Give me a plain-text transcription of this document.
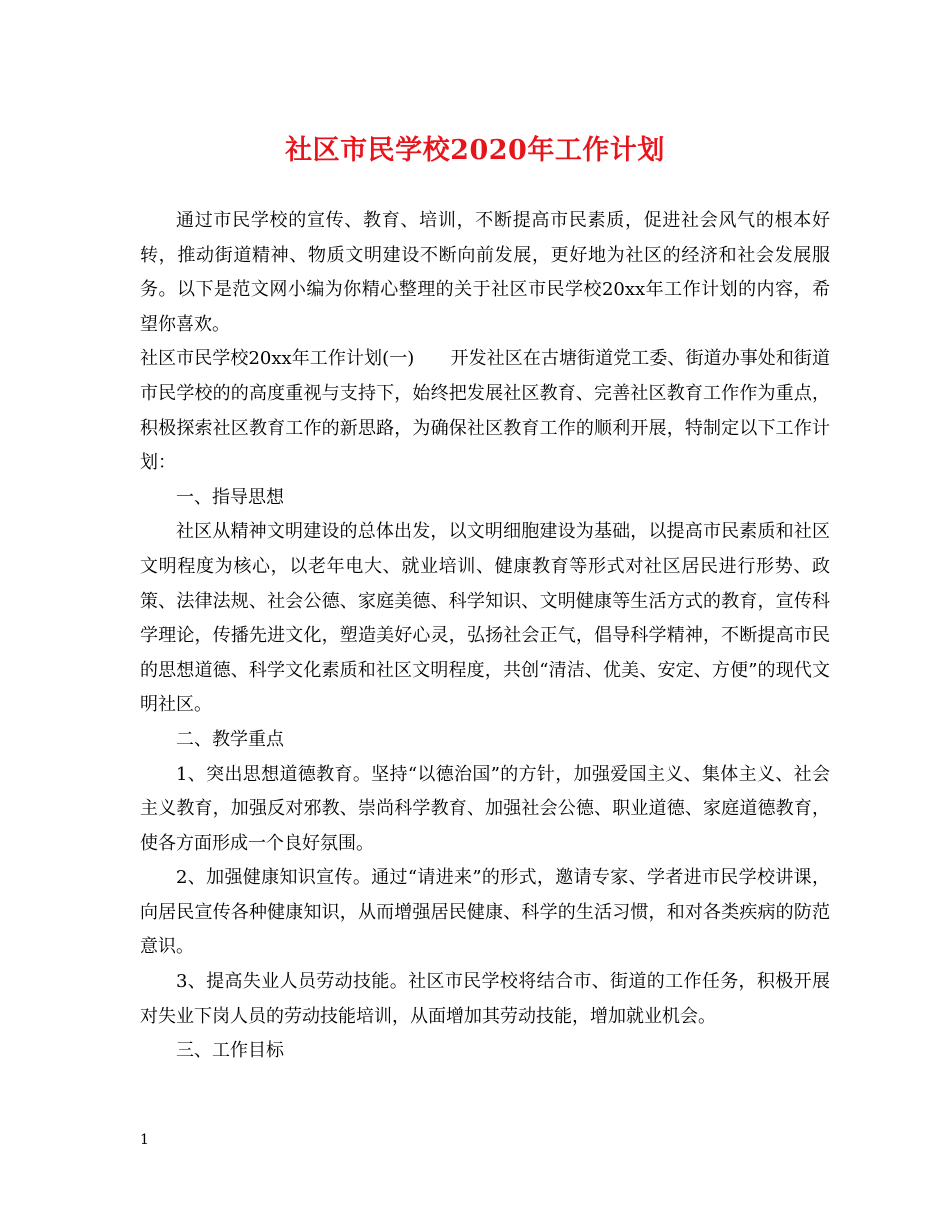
社区市民学校2020年工作计划

通过市民学校的宣传、教育、培训，不断提高市民素质，促进社会风气的根本好转，推动街道精神、物质文明建设不断向前发展，更好地为社区的经济和社会发展服务。以下是范文网小编为你精心整理的关于社区市民学校20xx年工作计划的内容，希望你喜欢。

社区市民学校20xx年工作计划(一)　　开发社区在古塘街道党工委、街道办事处和街道市民学校的的高度重视与支持下，始终把发展社区教育、完善社区教育工作作为重点，积极探索社区教育工作的新思路，为确保社区教育工作的顺利开展，特制定以下工作计划：

一、指导思想

社区从精神文明建设的总体出发，以文明细胞建设为基础，以提高市民素质和社区文明程度为核心，以老年电大、就业培训、健康教育等形式对社区居民进行形势、政策、法律法规、社会公德、家庭美德、科学知识、文明健康等生活方式的教育，宣传科学理论，传播先进文化，塑造美好心灵，弘扬社会正气，倡导科学精神，不断提高市民的思想道德、科学文化素质和社区文明程度，共创“清洁、优美、安定、方便”的现代文明社区。

二、教学重点

1、突出思想道德教育。坚持“以德治国”的方针，加强爱国主义、集体主义、社会主义教育，加强反对邪教、崇尚科学教育、加强社会公德、职业道德、家庭道德教育，使各方面形成一个良好氛围。

2、加强健康知识宣传。通过“请进来”的形式，邀请专家、学者进市民学校讲课，向居民宣传各种健康知识，从而增强居民健康、科学的生活习惯，和对各类疾病的防范意识。

3、提高失业人员劳动技能。社区市民学校将结合市、街道的工作任务，积极开展对失业下岗人员的劳动技能培训，从面增加其劳动技能，增加就业机会。

三、工作目标

1
